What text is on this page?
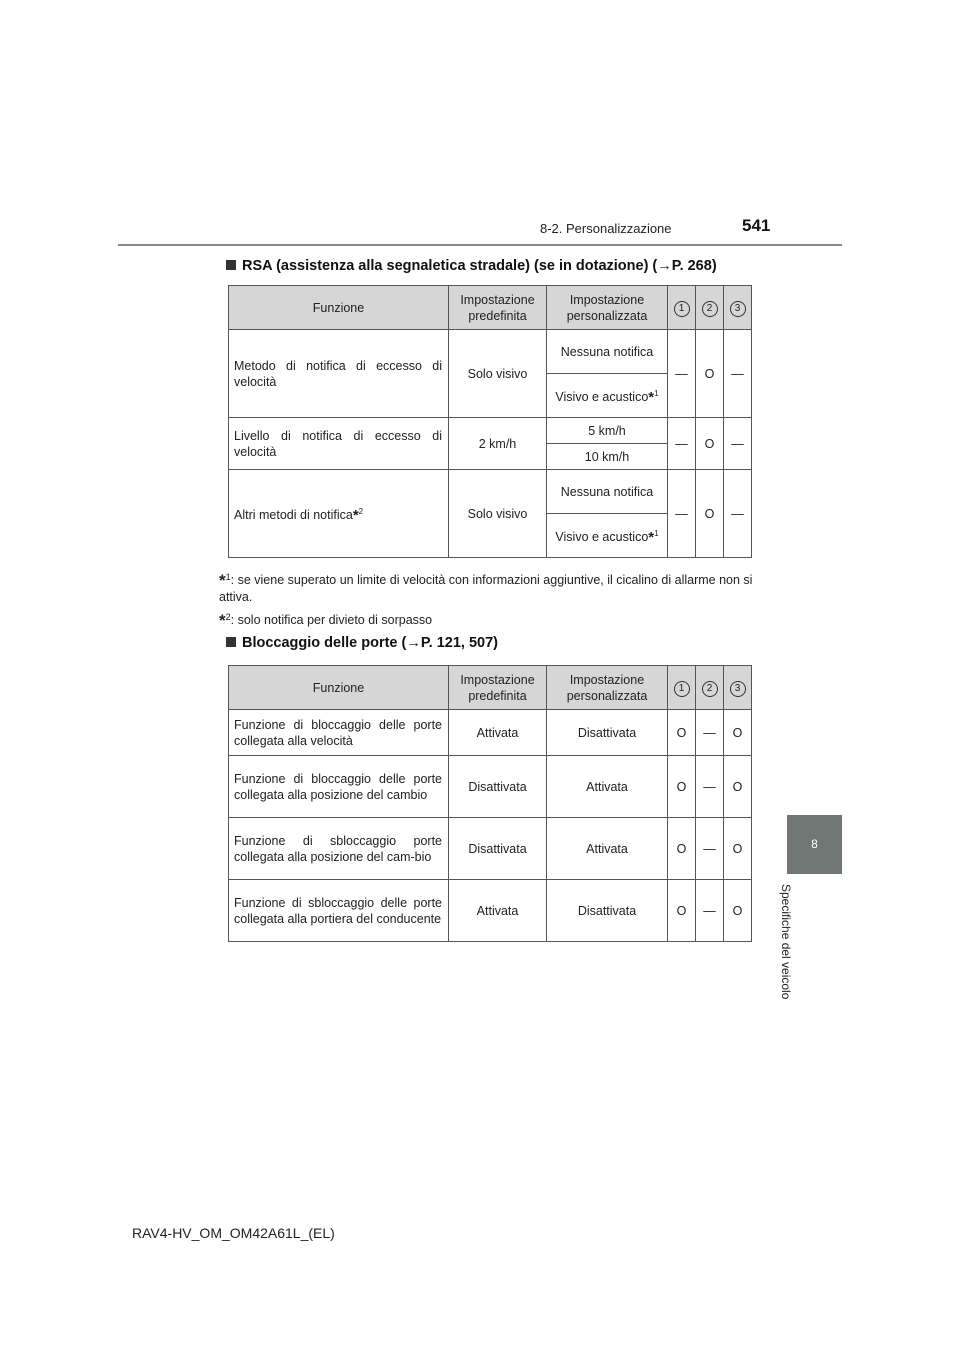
8-2. Personalizzazione	541
8
Specifiche del veicolo
RSA (assistenza alla segnaletica stradale) (se in dotazione) (→P. 268)
Funzione	Impostazione predefinita	Impostazione personalizzata	1	2	3
Metodo di notifica di eccesso di velocità	Solo visivo	Nessuna notifica	—	O	—
		Visivo e acustico*$^1$
Livello di notifica di eccesso di velocità	2 km/h	5 km/h	—	O	—
		10 km/h			
Altri metodi di notifica*$^2$	Solo visivo	Nessuna notifica	—	O	—
		Visivo e acustico*$^1$
*$^1$: se viene superato un limite di velocità con informazioni aggiuntive, il cicalino di allarme non si attiva.
*$^2$: solo notifica per divieto di sorpasso
Bloccaggio delle porte (→P. 121, 507)
Funzione	Impostazione predefinita	Impostazione personalizzata	1	2	3
Funzione di bloccaggio delle porte collegata alla velocità	Attivata	Disattivata	O	—	O
Funzione di bloccaggio delle porte collegata alla posizione del cambio	Disattivata	Attivata	O	—	O
Funzione di sbloccaggio porte collegata alla posizione del cam-bio	Disattivata	Attivata	O	—	O
Funzione di sbloccaggio delle porte collegata alla portiera del conducente	Attivata	Disattivata	O	—	O
RAV4-HV_OM_OM42A61L_(EL)
